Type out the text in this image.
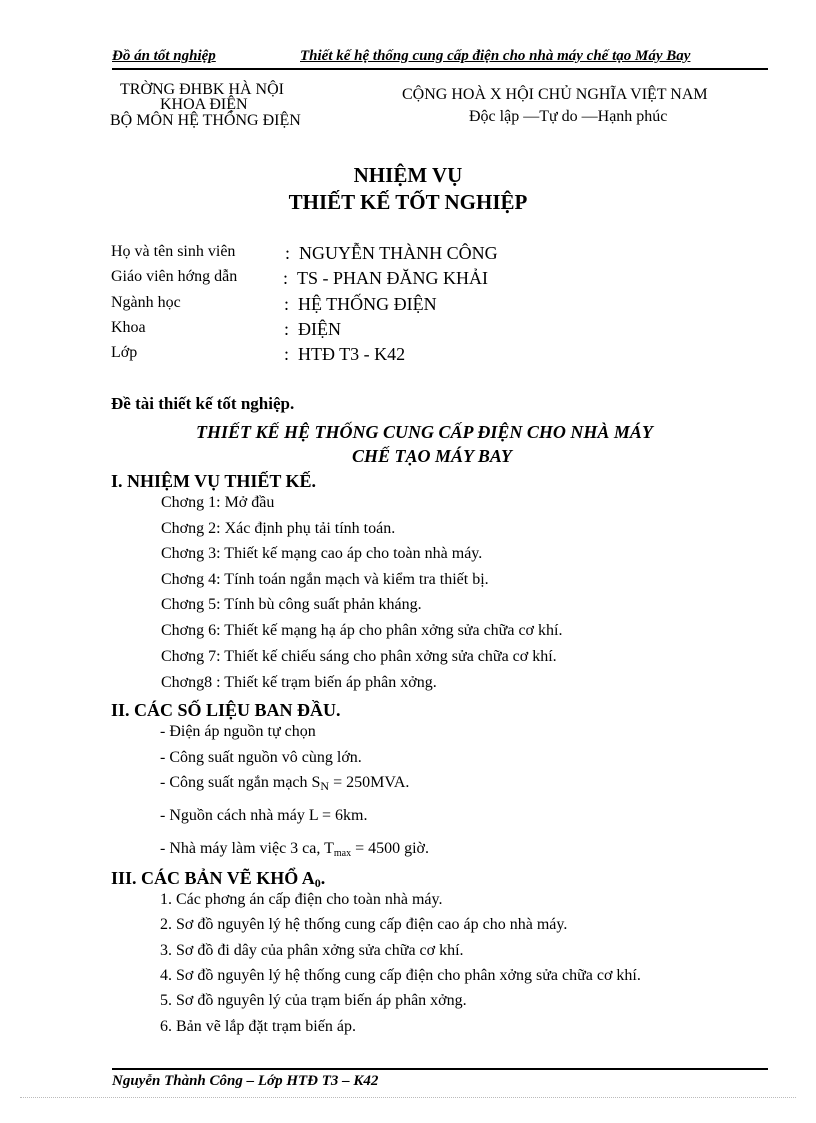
Đồ án tốt nghiệp	Thiết kế hệ thống cung cấp điện cho nhà máy chế tạo Máy Bay
TRỜNG ĐHBK HÀ NỘI
KHOA ĐIỆN
BỘ MÔN HỆ THỐNG ĐIỆN
CỘNG HOÀ X HỘI CHỦ NGHĨA VIỆT NAM
Độc lập —Tự do —Hạnh phúc
NHIỆM VỤ
THIẾT KẾ TỐT NGHIỆP
Họ và tên sinh viên	: NGUYỄN THÀNH CÔNG
Giáo viên hớng dẫn	: TS - PHAN ĐĂNG KHẢI
Ngành học	: HỆ THỐNG ĐIỆN
Khoa	: ĐIỆN
Lớp	: HTĐ T3 - K42
Đề tài thiết kế tốt nghiệp.
THIẾT KẾ HỆ THỐNG CUNG CẤP ĐIỆN CHO NHÀ MÁY
CHẾ TẠO MÁY BAY
I. NHIỆM VỤ THIẾT KẾ.
Chơng 1: Mở đầu
Chơng 2: Xác định phụ tải tính toán.
Chơng 3: Thiết kế mạng cao áp cho toàn nhà máy.
Chơng 4: Tính toán ngắn mạch và kiểm tra thiết bị.
Chơng 5: Tính bù công suất phản kháng.
Chơng 6: Thiết kế mạng hạ áp cho phân xởng sửa chữa cơ khí.
Chơng 7: Thiết kế chiếu sáng cho phân xởng sửa chữa cơ khí.
Chơng8 : Thiết kế trạm biến áp phân xởng.
II. CÁC SỐ LIỆU BAN ĐẦU.
- Điện áp nguồn tự chọn
- Công suất nguồn vô cùng lớn.
- Công suất ngắn mạch $S_N = 250MVA$.
- Nguồn cách nhà máy L = 6km.
- Nhà máy làm việc 3 ca, $T_{max} = 4500$ giờ.
III. CÁC BẢN VẼ KHỔ $A_0$.
1. Các phơng án cấp điện cho toàn nhà máy.
2. Sơ đồ nguyên lý hệ thống cung cấp điện cao áp cho nhà máy.
3. Sơ đồ đi dây của phân xởng sửa chữa cơ khí.
4. Sơ đồ nguyên lý hệ thống cung cấp điện cho phân xởng sửa chữa cơ khí.
5. Sơ đồ nguyên lý của trạm biến áp phân xởng.
6. Bản vẽ lắp đặt trạm biến áp.
Nguyễn Thành Công – Lớp HTĐ T3 – K42
